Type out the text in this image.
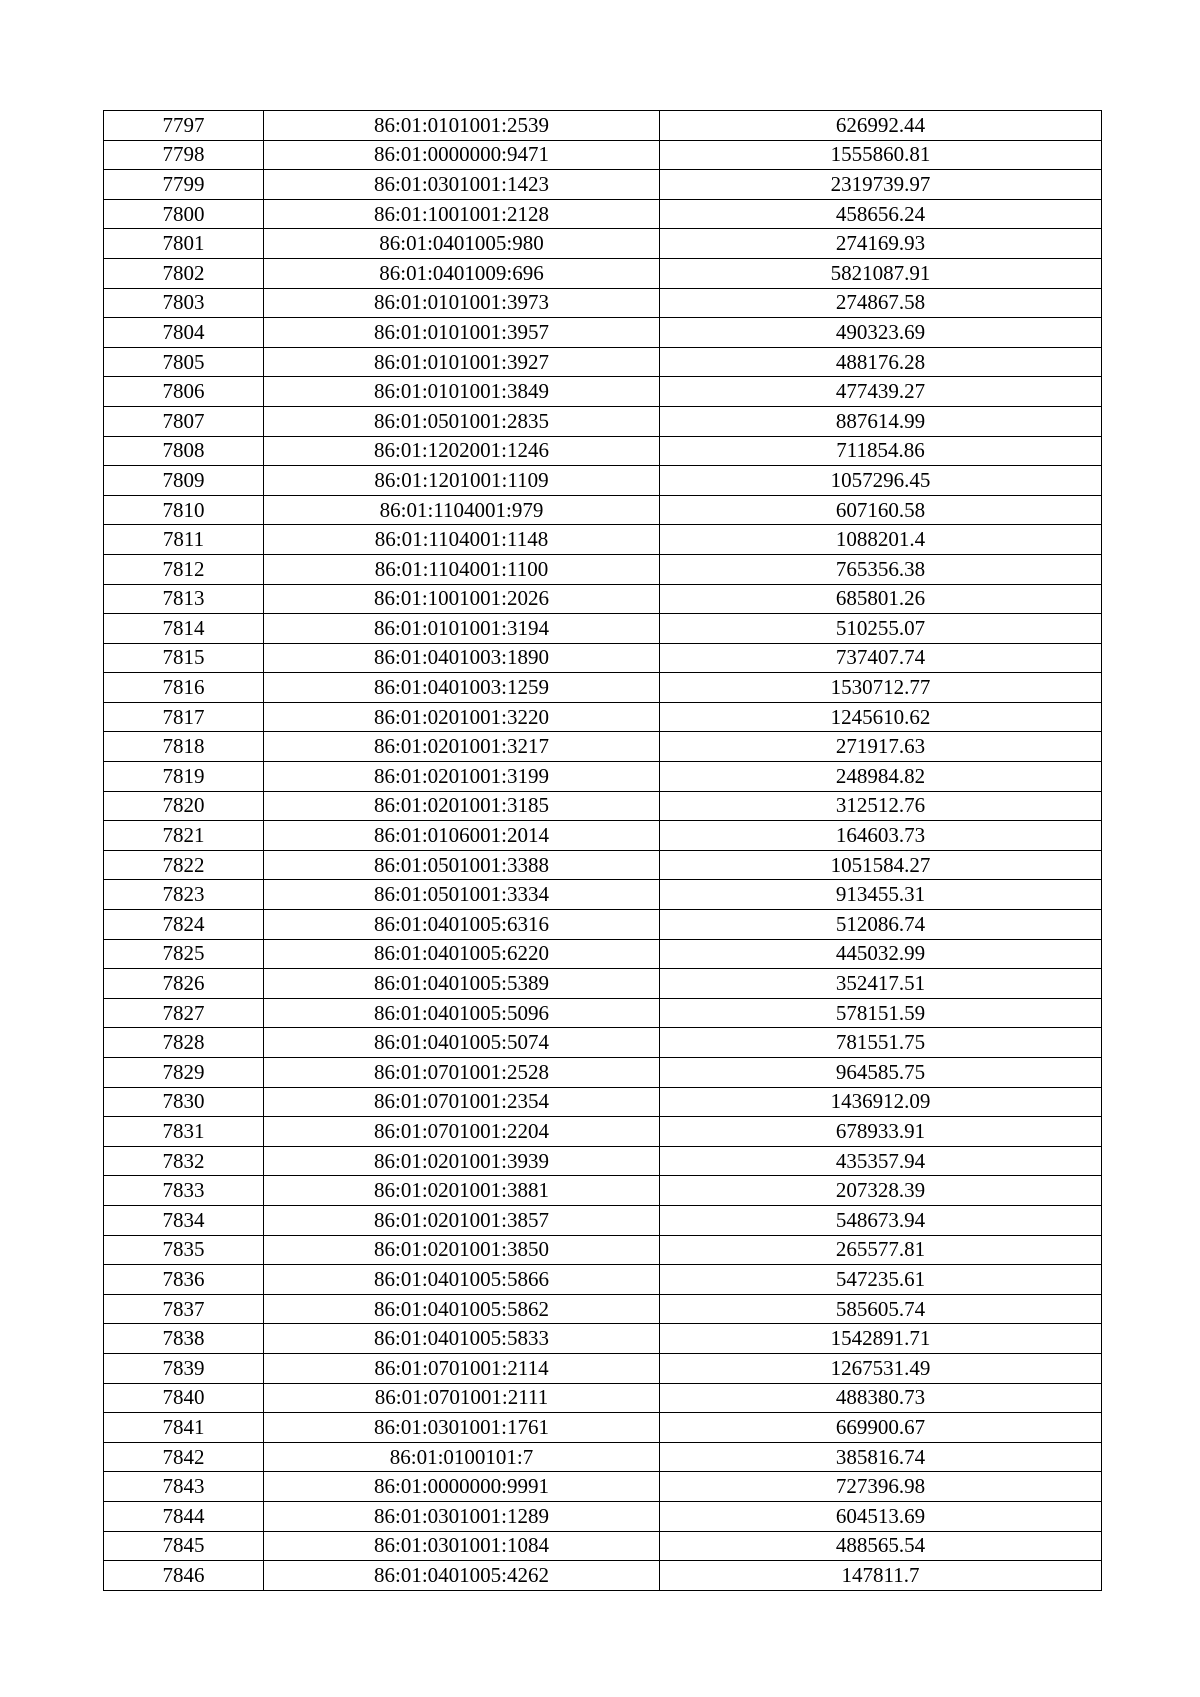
7797	86:01:0101001:2539	626992.44
7798	86:01:0000000:9471	1555860.81
7799	86:01:0301001:1423	2319739.97
7800	86:01:1001001:2128	458656.24
7801	86:01:0401005:980	274169.93
7802	86:01:0401009:696	5821087.91
7803	86:01:0101001:3973	274867.58
7804	86:01:0101001:3957	490323.69
7805	86:01:0101001:3927	488176.28
7806	86:01:0101001:3849	477439.27
7807	86:01:0501001:2835	887614.99
7808	86:01:1202001:1246	711854.86
7809	86:01:1201001:1109	1057296.45
7810	86:01:1104001:979	607160.58
7811	86:01:1104001:1148	1088201.4
7812	86:01:1104001:1100	765356.38
7813	86:01:1001001:2026	685801.26
7814	86:01:0101001:3194	510255.07
7815	86:01:0401003:1890	737407.74
7816	86:01:0401003:1259	1530712.77
7817	86:01:0201001:3220	1245610.62
7818	86:01:0201001:3217	271917.63
7819	86:01:0201001:3199	248984.82
7820	86:01:0201001:3185	312512.76
7821	86:01:0106001:2014	164603.73
7822	86:01:0501001:3388	1051584.27
7823	86:01:0501001:3334	913455.31
7824	86:01:0401005:6316	512086.74
7825	86:01:0401005:6220	445032.99
7826	86:01:0401005:5389	352417.51
7827	86:01:0401005:5096	578151.59
7828	86:01:0401005:5074	781551.75
7829	86:01:0701001:2528	964585.75
7830	86:01:0701001:2354	1436912.09
7831	86:01:0701001:2204	678933.91
7832	86:01:0201001:3939	435357.94
7833	86:01:0201001:3881	207328.39
7834	86:01:0201001:3857	548673.94
7835	86:01:0201001:3850	265577.81
7836	86:01:0401005:5866	547235.61
7837	86:01:0401005:5862	585605.74
7838	86:01:0401005:5833	1542891.71
7839	86:01:0701001:2114	1267531.49
7840	86:01:0701001:2111	488380.73
7841	86:01:0301001:1761	669900.67
7842	86:01:0100101:7	385816.74
7843	86:01:0000000:9991	727396.98
7844	86:01:0301001:1289	604513.69
7845	86:01:0301001:1084	488565.54
7846	86:01:0401005:4262	147811.7
